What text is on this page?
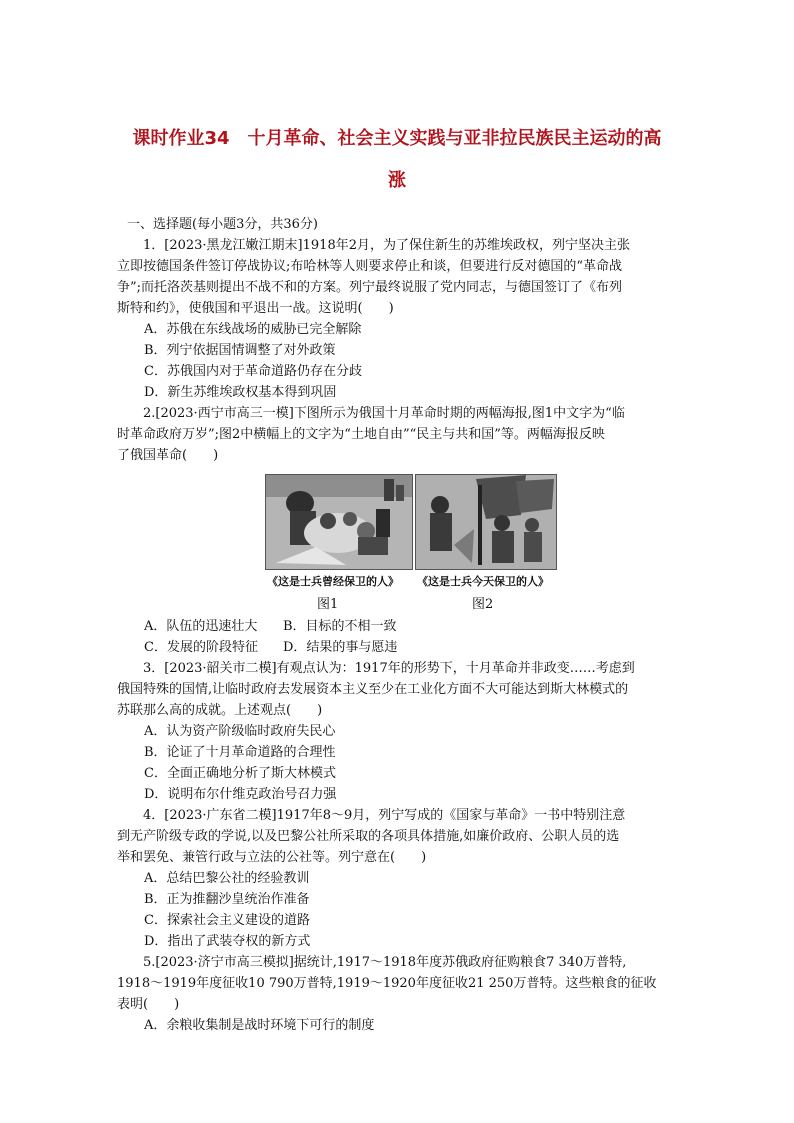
课时作业34　十月革命、社会主义实践与亚非拉民族民主运动的高
涨

一、选择题(每小题3分，共36分)

1．[2023·黑龙江嫩江期末]1918年2月，为了保住新生的苏维埃政权，列宁坚决主张

立即按德国条件签订停战协议;布哈林等人则要求停止和谈，但要进行反对德国的“革命战

争”;而托洛茨基则提出不战不和的方案。列宁最终说服了党内同志，与德国签订了《布列

斯特和约》，使俄国和平退出一战。这说明(　　)

A．苏俄在东线战场的威胁已完全解除

B．列宁依据国情调整了对外政策

C．苏俄国内对于革命道路仍存在分歧

D．新生苏维埃政权基本得到巩固

2.[2023·西宁市高三一模]下图所示为俄国十月革命时期的两幅海报,图1中文字为“临

时革命政府万岁”;图2中横幅上的文字为“土地自由”“民主与共和国”等。两幅海报反映

了俄国革命(　　)

《这是士兵曾经保卫的人》 《这是士兵今天保卫的人》
图1	图2
A．队伍的迅速壮大	B．目标的不相一致
C．发展的阶段特征	D．结果的事与愿违

3．[2023·韶关市二模]有观点认为：1917年的形势下，十月革命并非政变……考虑到

俄国特殊的国情,让临时政府去发展资本主义至少在工业化方面不大可能达到斯大林模式的

苏联那么高的成就。上述观点(　　)

A．认为资产阶级临时政府失民心

B．论证了十月革命道路的合理性

C．全面正确地分析了斯大林模式

D．说明布尔什维克政治号召力强

4．[2023·广东省二模]1917年8～9月，列宁写成的《国家与革命》一书中特别注意

到无产阶级专政的学说,以及巴黎公社所采取的各项具体措施,如廉价政府、公职人员的选

举和罢免、兼管行政与立法的公社等。列宁意在(　　)

A．总结巴黎公社的经验教训

B．正为推翻沙皇统治作准备

C．探索社会主义建设的道路

D．指出了武装夺权的新方式

5.[2023·济宁市高三模拟]据统计,1917～1918年度苏俄政府征购粮食7 340万普特,

1918～1919年度征收10 790万普特,1919～1920年度征收21 250万普特。这些粮食的征收

表明(　　)

A．余粮收集制是战时环境下可行的制度
